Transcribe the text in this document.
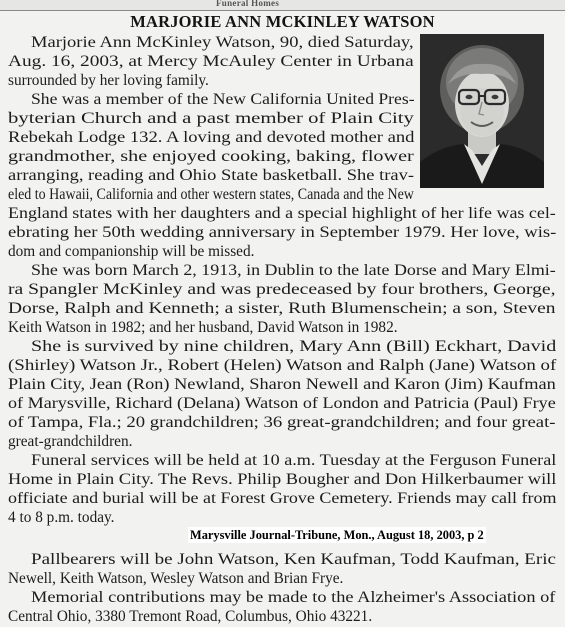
Funeral Homes
MARJORIE ANN MCKINLEY WATSON
Marjorie Ann McKinley Watson, 90, died Saturday,
Aug. 16, 2003, at Mercy McAuley Center in Urbana
surrounded by her loving family.
She was a member of the New California United Pres-
byterian Church and a past member of Plain City
Rebekah Lodge 132. A loving and devoted mother and
grandmother, she enjoyed cooking, baking, flower
arranging, reading and Ohio State basketball. She trav-
eled to Hawaii, California and other western states, Canada and the New
England states with her daughters and a special highlight of her life was cel-
ebrating her 50th wedding anniversary in September 1979. Her love, wis-
dom and companionship will be missed.
She was born March 2, 1913, in Dublin to the late Dorse and Mary Elmi-
ra Spangler McKinley and was predeceased by four brothers, George,
Dorse, Ralph and Kenneth; a sister, Ruth Blumenschein; a son, Steven
Keith Watson in 1982; and her husband, David Watson in 1982.
She is survived by nine children, Mary Ann (Bill) Eckhart, David
(Shirley) Watson Jr., Robert (Helen) Watson and Ralph (Jane) Watson of
Plain City, Jean (Ron) Newland, Sharon Newell and Karon (Jim) Kaufman
of Marysville, Richard (Delana) Watson of London and Patricia (Paul) Frye
of Tampa, Fla.; 20 grandchildren; 36 great-grandchildren; and four great-
great-grandchildren.
Funeral services will be held at 10 a.m. Tuesday at the Ferguson Funeral
Home in Plain City. The Revs. Philip Bougher and Don Hilkerbaumer will
officiate and burial will be at Forest Grove Cemetery. Friends may call from
4 to 8 p.m. today.
Pallbearers will be John Watson, Ken Kaufman, Todd Kaufman, Eric
Newell, Keith Watson, Wesley Watson and Brian Frye.
Memorial contributions may be made to the Alzheimer's Association of
Central Ohio, 3380 Tremont Road, Columbus, Ohio 43221.
Marysville Journal-Tribune, Mon., August 18, 2003, p 2
